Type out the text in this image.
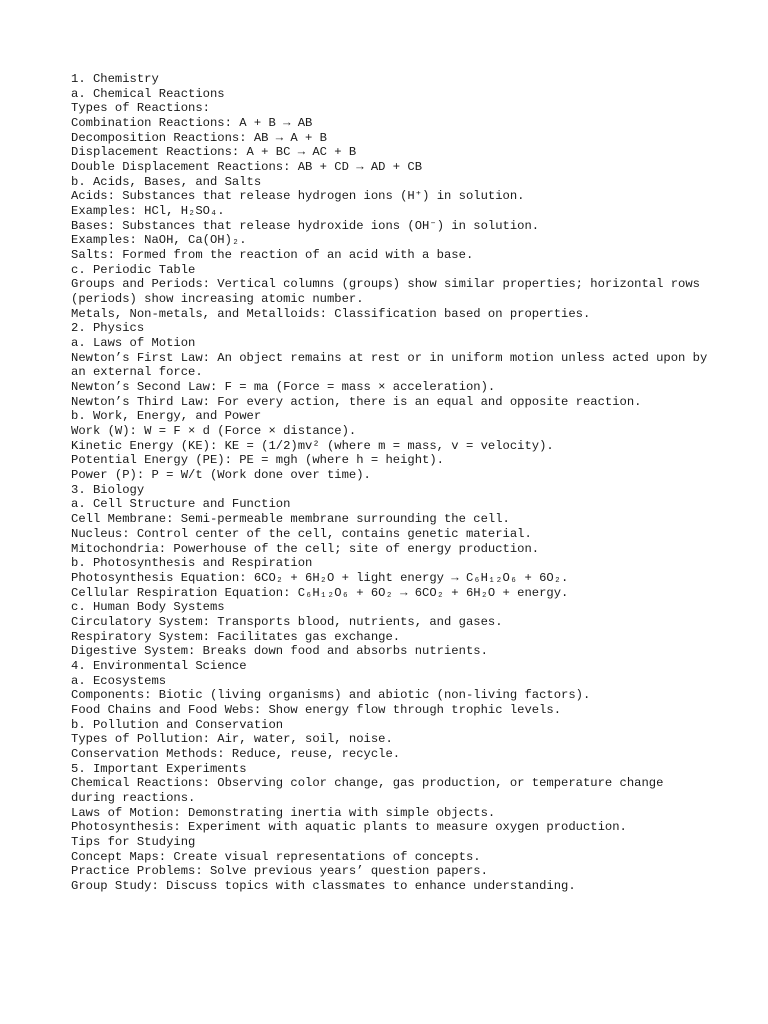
1. Chemistry

a. Chemical Reactions

Types of Reactions:

Combination Reactions: A + B → AB

Decomposition Reactions: AB → A + B

Displacement Reactions: A + BC → AC + B

Double Displacement Reactions: AB + CD → AD + CB

b. Acids, Bases, and Salts

Acids: Substances that release hydrogen ions (H⁺) in solution.

Examples: HCl, H₂SO₄.

Bases: Substances that release hydroxide ions (OH⁻) in solution.

Examples: NaOH, Ca(OH)₂.

Salts: Formed from the reaction of an acid with a base.

c. Periodic Table

Groups and Periods: Vertical columns (groups) show similar properties; horizontal rows (periods) show increasing atomic number.

Metals, Non-metals, and Metalloids: Classification based on properties.

2. Physics

a. Laws of Motion

Newton’s First Law: An object remains at rest or in uniform motion unless acted upon by an external force.

Newton’s Second Law: F = ma (Force = mass × acceleration).

Newton’s Third Law: For every action, there is an equal and opposite reaction.

b. Work, Energy, and Power

Work (W): W = F × d (Force × distance).

Kinetic Energy (KE): KE = (1/2)mv² (where m = mass, v = velocity).

Potential Energy (PE): PE = mgh (where h = height).

Power (P): P = W/t (Work done over time).

3. Biology

a. Cell Structure and Function

Cell Membrane: Semi-permeable membrane surrounding the cell.

Nucleus: Control center of the cell, contains genetic material.

Mitochondria: Powerhouse of the cell; site of energy production.

b. Photosynthesis and Respiration

Photosynthesis Equation: 6CO₂ + 6H₂O + light energy → C₆H₁₂O₆ + 6O₂.

Cellular Respiration Equation: C₆H₁₂O₆ + 6O₂ → 6CO₂ + 6H₂O + energy.

c. Human Body Systems

Circulatory System: Transports blood, nutrients, and gases.

Respiratory System: Facilitates gas exchange.

Digestive System: Breaks down food and absorbs nutrients.

4. Environmental Science

a. Ecosystems

Components: Biotic (living organisms) and abiotic (non-living factors).

Food Chains and Food Webs: Show energy flow through trophic levels.

b. Pollution and Conservation

Types of Pollution: Air, water, soil, noise.

Conservation Methods: Reduce, reuse, recycle.

5. Important Experiments

Chemical Reactions: Observing color change, gas production, or temperature change during reactions.

Laws of Motion: Demonstrating inertia with simple objects.

Photosynthesis: Experiment with aquatic plants to measure oxygen production.

Tips for Studying

Concept Maps: Create visual representations of concepts.

Practice Problems: Solve previous years’ question papers.

Group Study: Discuss topics with classmates to enhance understanding.
